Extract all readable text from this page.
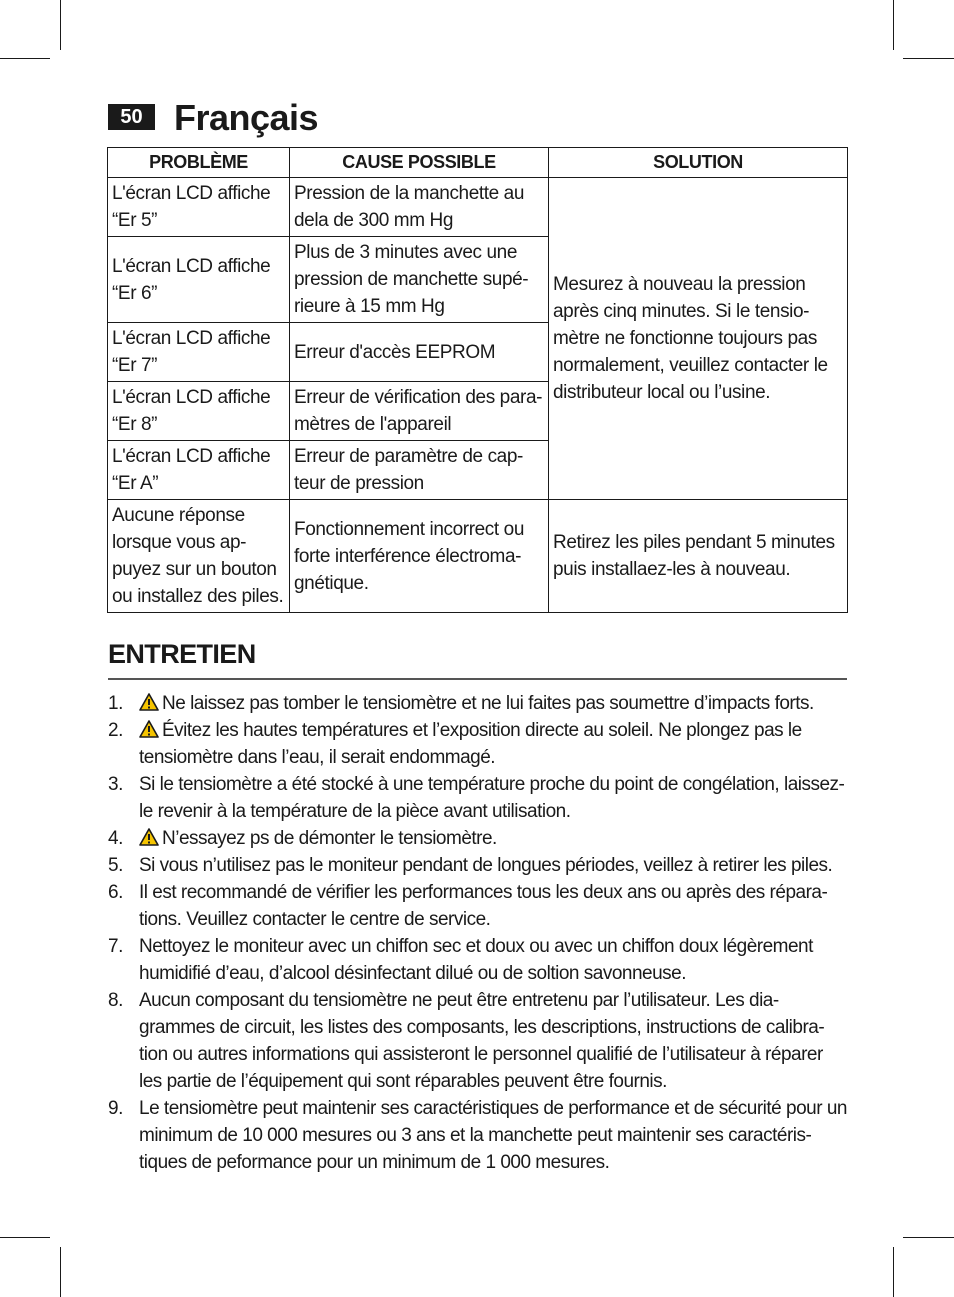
50 Français
PROBLÈME	CAUSE POSSIBLE	SOLUTION
L'écran LCD affiche “Er 5”	Pression de la manchette au dela de 300 mm Hg	Mesurez à nouveau la pression après cinq minutes. Si le tensio- mètre ne fonctionne toujours pas normalement, veuillez contacter le distributeur local ou l’usine.
L'écran LCD affiche “Er 6”	Plus de 3 minutes avec une pression de manchette supé- rieure à 15 mm Hg	
L'écran LCD affiche “Er 7”	Erreur d'accès EEPROM	
L'écran LCD affiche “Er 8”	Erreur de vérification des para- mètres de l'appareil	
L'écran LCD affiche “Er A”	Erreur de paramètre de cap- teur de pression	
Aucune réponse lorsque vous ap- puyez sur un bouton ou installez des piles.	Fonctionnement incorrect ou forte interférence électroma- gnétique.	Retirez les piles pendant 5 minutes puis installaez-les à nouveau.
ENTRETIEN
1. Ne laissez pas tomber le tensiomètre et ne lui faites pas soumettre d’impacts forts.
2. Évitez les hautes températures et l’exposition directe au soleil. Ne plongez pas le tensiomètre dans l’eau, il serait endommagé.
3. Si le tensiomètre a été stocké à une température proche du point de congélation, laissez-le revenir à la température de la pièce avant utilisation.
4. N’essayez ps de démonter le tensiomètre.
5. Si vous n’utilisez pas le moniteur pendant de longues périodes, veillez à retirer les piles.
6. Il est recommandé de vérifier les performances tous les deux ans ou après des répara- tions. Veuillez contacter le centre de service.
7. Nettoyez le moniteur avec un chiffon sec et doux ou avec un chiffon doux légèrement humidifié d’eau, d’alcool désinfectant dilué ou de soltion savonneuse.
8. Aucun composant du tensiomètre ne peut être entretenu par l’utilisateur. Les dia- grammes de circuit, les listes des composants, les descriptions, instructions de calibra- tion ou autres informations qui assisteront le personnel qualifié de l’utilisateur à réparer les partie de l’équipement qui sont réparables peuvent être fournis.
9. Le tensiomètre peut maintenir ses caractéristiques de performance et de sécurité pour un minimum de 10 000 mesures ou 3 ans et la manchette peut maintenir ses caractéris- tiques de peformance pour un minimum de 1 000 mesures.
